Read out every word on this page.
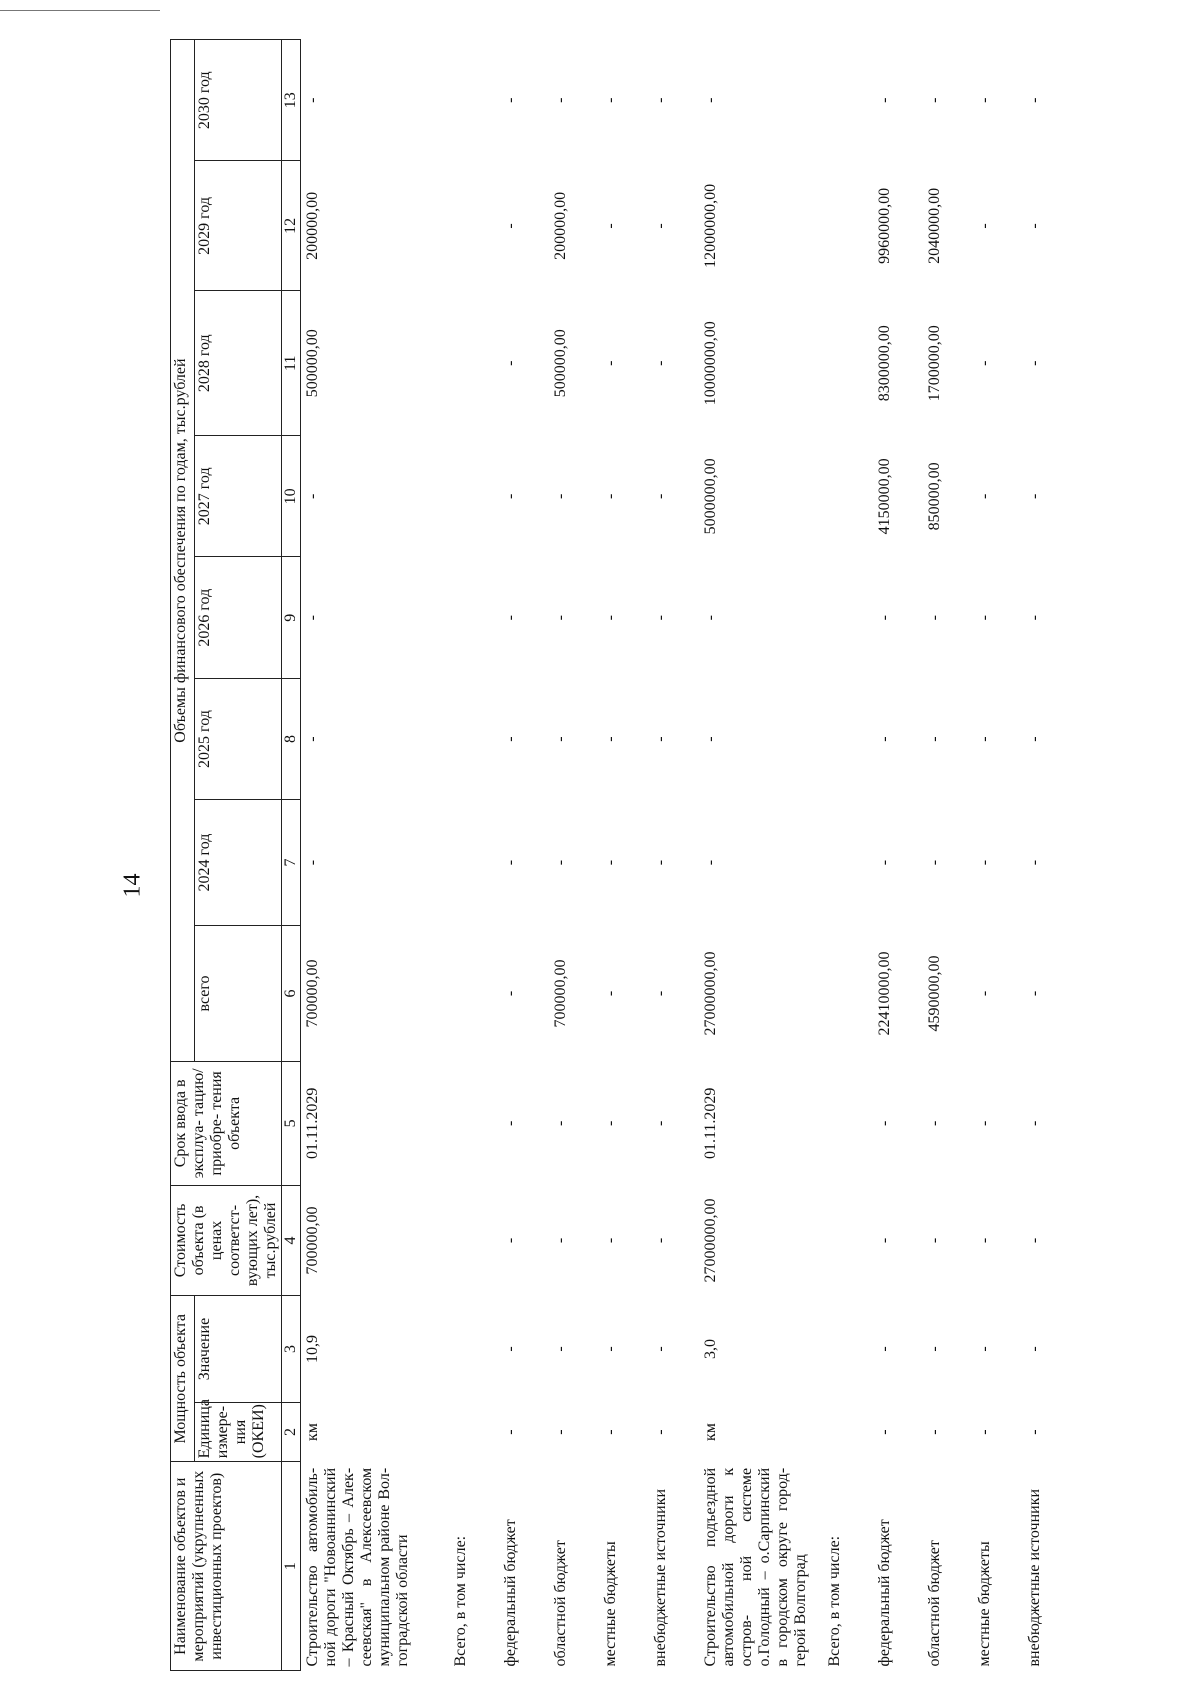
14
Наименование объектов и мероприятий (укрупненных инвестиционных проектов)	Мощность объекта		Стоимость объекта (в ценах соответст- вующих лет), тыс.рублей	Срок ввода в эксплуа- тацию/ приобре- тения объекта	Объемы финансового обеспечения по годам, тыс.рублей							
	Единица измере- ния (ОКЕИ)	Значение			всего	2024 год	2025 год	2026 год	2027 год	2028 год	2029 год	2030 год
1	2	3	4	5	6	7	8	9	10	11	12	13
Строительство автомобиль- ной дороги "Новоаннинский – Красный Октябрь – Алек- сеевская" в Алексеевском муниципальном районе Вол- гоградской области	км	10,9	700000,00	01.11.2029	700000,00	-	-	-	-	500000,00	200000,00	-
Всего, в том числе:												
федеральный бюджет	-	-	-	-	-	-	-	-	-	-	-	-
областной бюджет	-	-	-	-	700000,00	-	-	-	-	500000,00	200000,00	-
местные бюджеты	-	-	-	-	-	-	-	-	-	-	-	-
внебюджетные источники	-	-	-	-	-	-	-	-	-	-	-	-
Строительство подъездной автомобильной дороги к остров- ной системе о.Голодный – о.Сарпинский в городском округе город-герой Волгоград	км	3,0	27000000,00	01.11.2029	27000000,00	-	-	-	5000000,00	10000000,00	12000000,00	-
Всего, в том числе:												
федеральный бюджет	-	-	-	-	22410000,00	-	-	-	4150000,00	8300000,00	9960000,00	-
областной бюджет	-	-	-	-	4590000,00	-	-	-	850000,00	1700000,00	2040000,00	-
местные бюджеты	-	-	-	-	-	-	-	-	-	-	-	-
внебюджетные источники	-	-	-	-	-	-	-	-	-	-	-	-
